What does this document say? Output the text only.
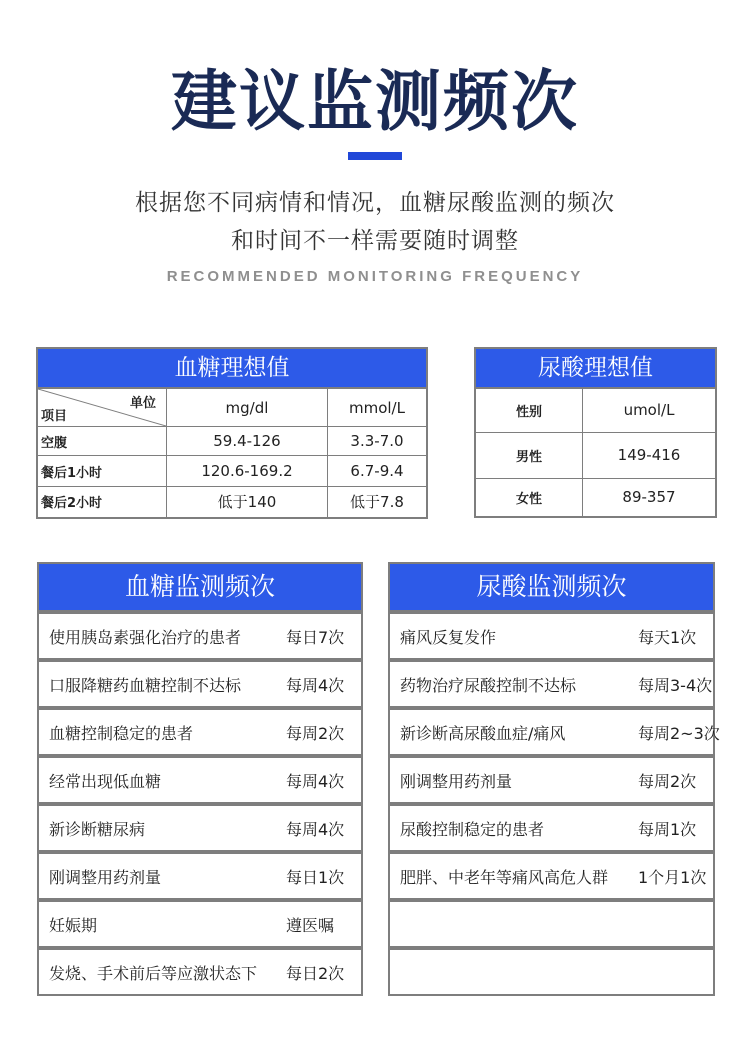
建议监测频次
根据您不同病情和情况，血糖尿酸监测的频次
和时间不一样需要随时调整
RECOMMENDED MONITORING FREQUENCY
血糖理想值
单位
项目	mg/dl	mmol/L
空腹	59.4-126	3.3-7.0
餐后1小时	120.6-169.2	6.7-9.4
餐后2小时	低于140	低于7.8
尿酸理想值
性别	umol/L
男性	149-416
女性	89-357
血糖监测频次
使用胰岛素强化治疗的患者	每日7次
口服降糖药血糖控制不达标	每周4次
血糖控制稳定的患者	每周2次
经常出现低血糖	每周4次
新诊断糖尿病	每周4次
刚调整用药剂量	每日1次
妊娠期	遵医嘱
发烧、手术前后等应激状态下	每日2次
尿酸监测频次
痛风反复发作	每天1次
药物治疗尿酸控制不达标	每周3-4次
新诊断高尿酸血症/痛风	每周2~3次
刚调整用药剂量	每周2次
尿酸控制稳定的患者	每周1次
肥胖、中老年等痛风高危人群	1个月1次
